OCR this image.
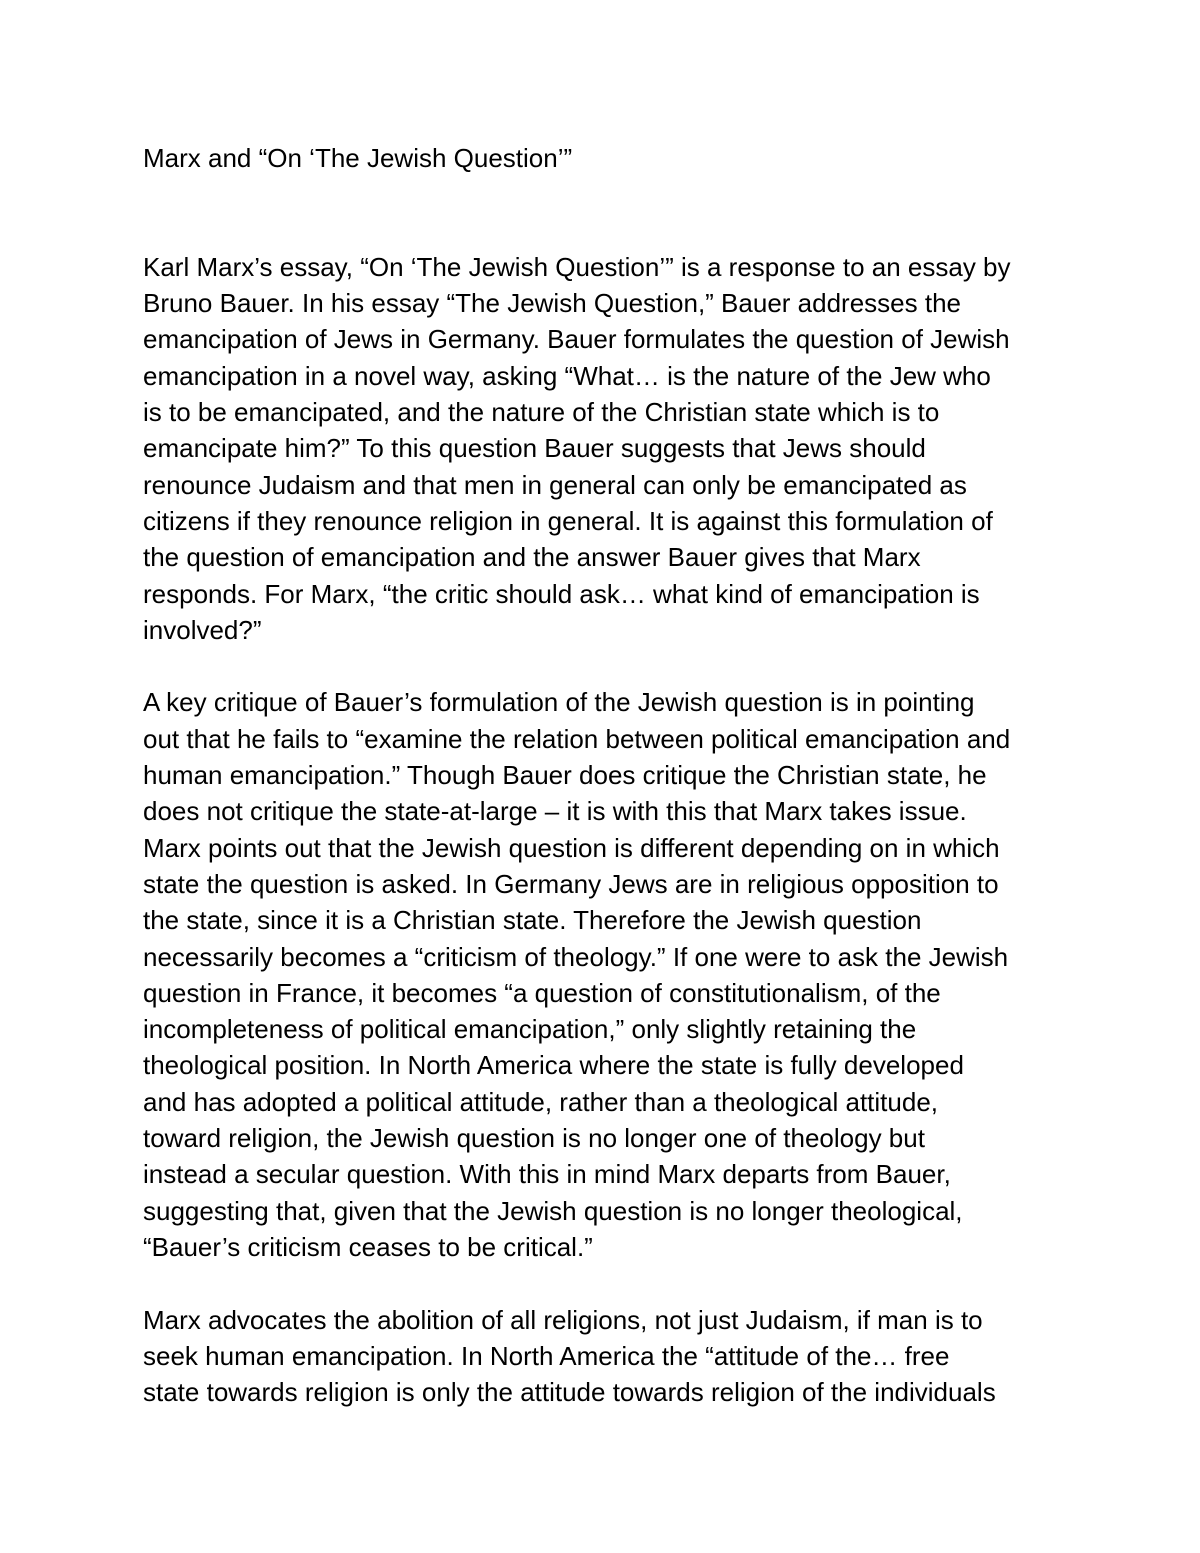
Marx and “On ‘The Jewish Question’”

Karl Marx’s essay, “On ‘The Jewish Question’” is a response to an essay by
Bruno Bauer. In his essay “The Jewish Question,” Bauer addresses the
emancipation of Jews in Germany. Bauer formulates the question of Jewish
emancipation in a novel way, asking “What… is the nature of the Jew who
is to be emancipated, and the nature of the Christian state which is to
emancipate him?” To this question Bauer suggests that Jews should
renounce Judaism and that men in general can only be emancipated as
citizens if they renounce religion in general. It is against this formulation of
the question of emancipation and the answer Bauer gives that Marx
responds. For Marx, “the critic should ask… what kind of emancipation is
involved?”

A key critique of Bauer’s formulation of the Jewish question is in pointing
out that he fails to “examine the relation between political emancipation and
human emancipation.” Though Bauer does critique the Christian state, he
does not critique the state-at-large – it is with this that Marx takes issue.
Marx points out that the Jewish question is different depending on in which
state the question is asked. In Germany Jews are in religious opposition to
the state, since it is a Christian state. Therefore the Jewish question
necessarily becomes a “criticism of theology.” If one were to ask the Jewish
question in France, it becomes “a question of constitutionalism, of the
incompleteness of political emancipation,” only slightly retaining the
theological position. In North America where the state is fully developed
and has adopted a political attitude, rather than a theological attitude,
toward religion, the Jewish question is no longer one of theology but
instead a secular question. With this in mind Marx departs from Bauer,
suggesting that, given that the Jewish question is no longer theological,
“Bauer’s criticism ceases to be critical.”

Marx advocates the abolition of all religions, not just Judaism, if man is to
seek human emancipation. In North America the “attitude of the… free
state towards religion is only the attitude towards religion of the individuals
